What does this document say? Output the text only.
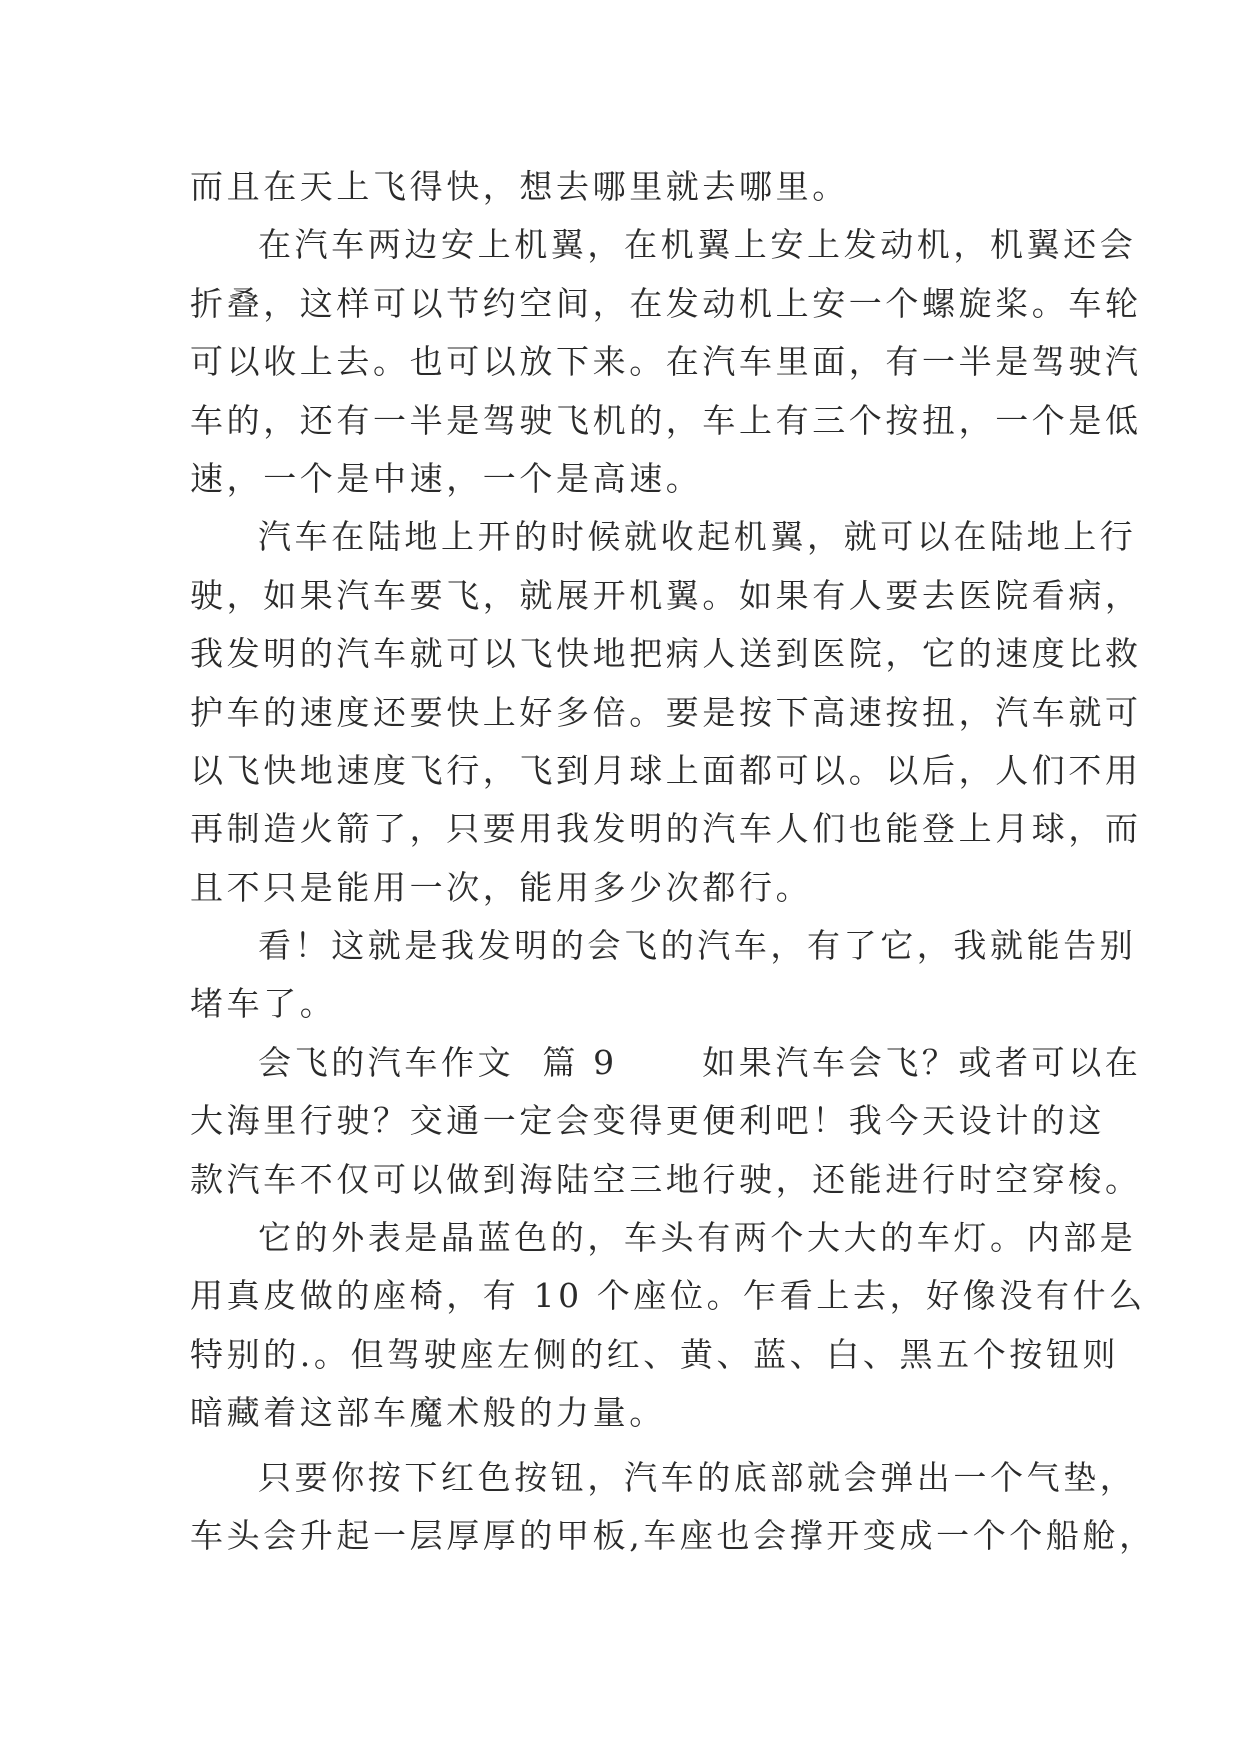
而且在天上飞得快，想去哪里就去哪里。
在汽车两边安上机翼，在机翼上安上发动机，机翼还会
折叠，这样可以节约空间，在发动机上安一个螺旋桨。车轮
可以收上去。也可以放下来。在汽车里面，有一半是驾驶汽
车的，还有一半是驾驶飞机的，车上有三个按扭，一个是低
速，一个是中速，一个是高速。
汽车在陆地上开的时候就收起机翼，就可以在陆地上行
驶，如果汽车要飞，就展开机翼。如果有人要去医院看病，
我发明的汽车就可以飞快地把病人送到医院，它的速度比救
护车的速度还要快上好多倍。要是按下高速按扭，汽车就可
以飞快地速度飞行，飞到月球上面都可以。以后，人们不用
再制造火箭了，只要用我发明的汽车人们也能登上月球，而
且不只是能用一次，能用多少次都行。
看！这就是我发明的会飞的汽车，有了它，我就能告别
堵车了。
会飞的汽车作文  篇 9      如果汽车会飞？或者可以在
大海里行驶？交通一定会变得更便利吧！我今天设计的这
款汽车不仅可以做到海陆空三地行驶，还能进行时空穿梭。
它的外表是晶蓝色的，车头有两个大大的车灯。内部是
用真皮做的座椅，有 10 个座位。乍看上去，好像没有什么
特别的.。但驾驶座左侧的红、黄、蓝、白、黑五个按钮则
暗藏着这部车魔术般的力量。
只要你按下红色按钮，汽车的底部就会弹出一个气垫，
车头会升起一层厚厚的甲板,车座也会撑开变成一个个船舱，
